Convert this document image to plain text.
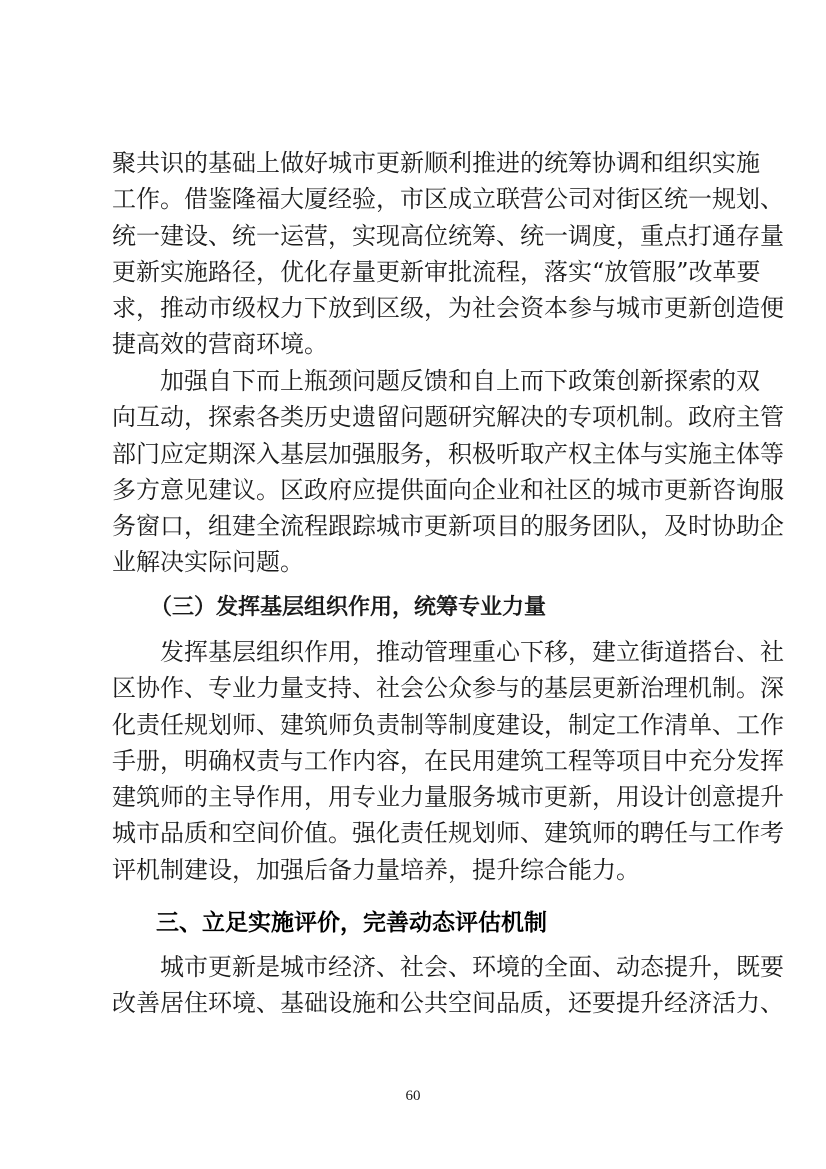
聚共识的基础上做好城市更新顺利推进的统筹协调和组织实施
工作。借鉴隆福大厦经验，市区成立联营公司对街区统一规划、
统一建设、统一运营，实现高位统筹、统一调度，重点打通存量
更新实施路径，优化存量更新审批流程，落实“放管服”改革要
求，推动市级权力下放到区级，为社会资本参与城市更新创造便
捷高效的营商环境。
加强自下而上瓶颈问题反馈和自上而下政策创新探索的双
向互动，探索各类历史遗留问题研究解决的专项机制。政府主管
部门应定期深入基层加强服务，积极听取产权主体与实施主体等
多方意见建议。区政府应提供面向企业和社区的城市更新咨询服
务窗口，组建全流程跟踪城市更新项目的服务团队，及时协助企
业解决实际问题。
（三）发挥基层组织作用，统筹专业力量
发挥基层组织作用，推动管理重心下移，建立街道搭台、社
区协作、专业力量支持、社会公众参与的基层更新治理机制。深
化责任规划师、建筑师负责制等制度建设，制定工作清单、工作
手册，明确权责与工作内容，在民用建筑工程等项目中充分发挥
建筑师的主导作用，用专业力量服务城市更新，用设计创意提升
城市品质和空间价值。强化责任规划师、建筑师的聘任与工作考
评机制建设，加强后备力量培养，提升综合能力。
三、立足实施评价，完善动态评估机制
城市更新是城市经济、社会、环境的全面、动态提升，既要
改善居住环境、基础设施和公共空间品质，还要提升经济活力、
60
